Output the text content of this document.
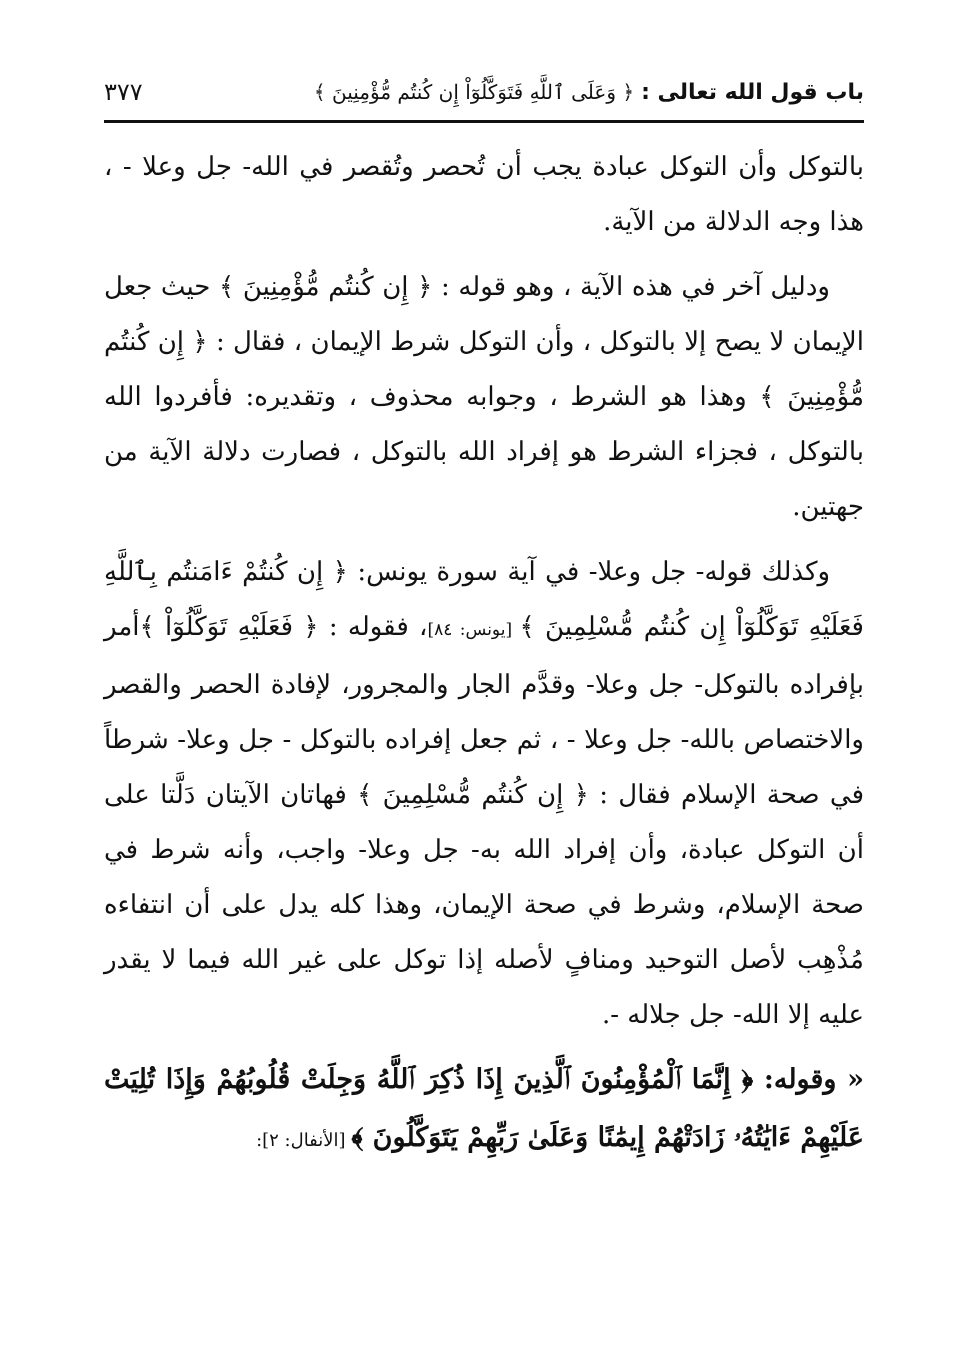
باب قول الله تعالى : ﴿ وَعَلَى ٱللَّهِ فَتَوَكَّلُوٓاْ إِن كُنتُم مُّؤْمِنِينَ ﴾
٣٧٧

بالتوكل وأن التوكل عبادة يجب أن تُحصر وتُقصر في الله- جل وعلا - ، هذا وجه الدلالة من الآية.

ودليل آخر في هذه الآية ، وهو قوله : ﴿ إِن كُنتُم مُّؤْمِنِينَ ﴾ حيث جعل الإيمان لا يصح إلا بالتوكل ، وأن التوكل شرط الإيمان ، فقال : ﴿ إِن كُنتُم مُّؤْمِنِينَ ﴾ وهذا هو الشرط ، وجوابه محذوف ، وتقديره: فأفردوا الله بالتوكل ، فجزاء الشرط هو إفراد الله بالتوكل ، فصارت دلالة الآية من جهتين.

وكذلك قوله- جل وعلا- في آية سورة يونس: ﴿ إِن كُنتُمْ ءَامَنتُم بِٱللَّهِ فَعَلَيْهِ تَوَكَّلُوٓاْ إِن كُنتُم مُّسْلِمِينَ ﴾ [يونس: ٨٤]، فقوله : ﴿ فَعَلَيْهِ تَوَكَّلُوٓاْ ﴾أمر بإفراده بالتوكل- جل وعلا- وقدَّم الجار والمجرور، لإفادة الحصر والقصر والاختصاص بالله- جل وعلا - ، ثم جعل إفراده بالتوكل - جل وعلا- شرطاً في صحة الإسلام فقال : ﴿ إِن كُنتُم مُّسْلِمِينَ ﴾ فهاتان الآيتان دَلَّتا على أن التوكل عبادة، وأن إفراد الله به- جل وعلا- واجب، وأنه شرط في صحة الإسلام، وشرط في صحة الإيمان، وهذا كله يدل على أن انتفاءه مُذْهِب لأصل التوحيد ومنافٍ لأصله إذا توكل على غير الله فيما لا يقدر عليه إلا الله- جل جلاله -.

« وقوله: ﴿ إِنَّمَا ٱلْمُؤْمِنُونَ ٱلَّذِينَ إِذَا ذُكِرَ ٱللَّهُ وَجِلَتْ قُلُوبُهُمْ وَإِذَا تُلِيَتْ عَلَيْهِمْ ءَايَٰتُهُۥ زَادَتْهُمْ إِيمَٰنًا وَعَلَىٰ رَبِّهِمْ يَتَوَكَّلُونَ ﴾ [الأنفال: ٢]:
